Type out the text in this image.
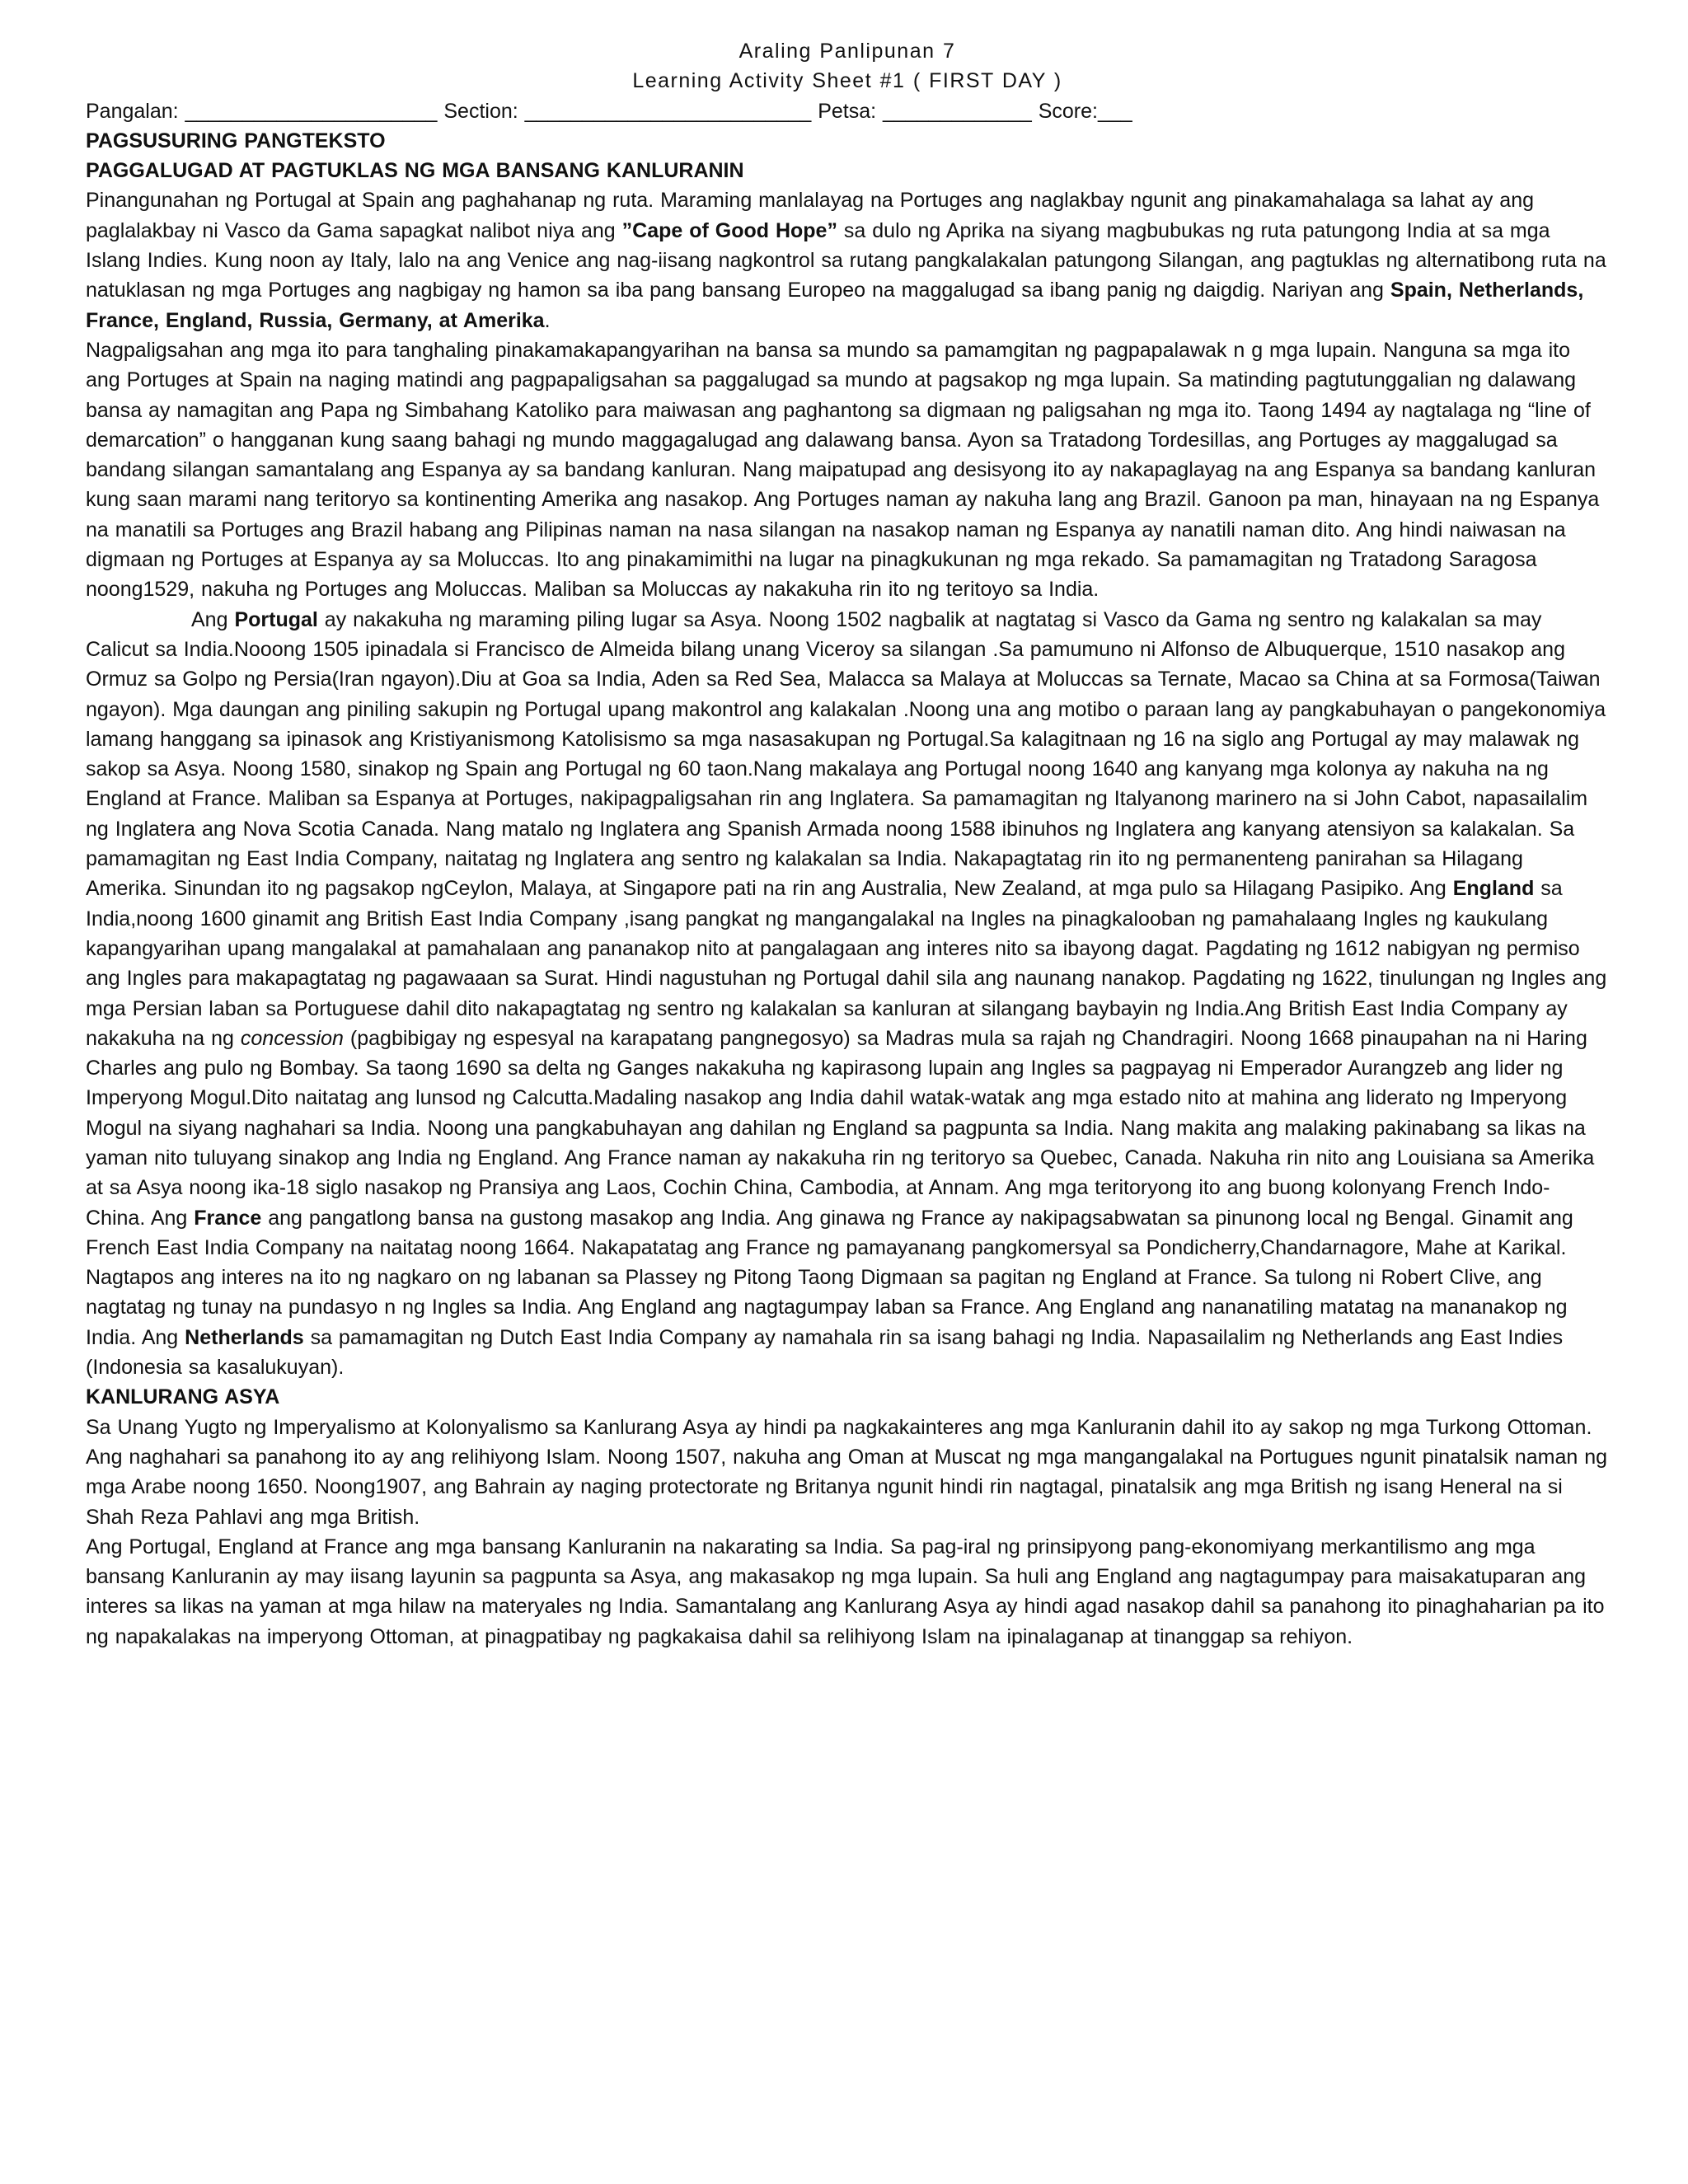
Araling Panlipunan 7
Learning Activity Sheet #1 ( FIRST DAY )
Pangalan: ______________________ Section: _________________________ Petsa: _____________ Score:___
PAGSUSURING PANGTEKSTO
PAGGALUGAD AT PAGTUKLAS NG MGA BANSANG KANLURANIN

Pinangunahan ng Portugal at Spain ang paghahanap ng ruta. Maraming manlalayag na Portuges ang naglakbay ngunit ang pinakamahalaga sa lahat ay ang paglalakbay ni Vasco da Gama sapagkat nalibot niya ang ”Cape of Good Hope” sa dulo ng Aprika na siyang magbubukas ng ruta patungong India at sa mga Islang Indies. Kung noon ay Italy, lalo na ang Venice ang nag-iisang nagkontrol sa rutang pangkalakalan patungong Silangan, ang pagtuklas ng alternatibong ruta na natuklasan ng mga Portuges ang nagbigay ng hamon sa iba pang bansang Europeo na maggalugad sa ibang panig ng daigdig. Nariyan ang Spain, Netherlands, France, England, Russia, Germany, at Amerika.

Nagpaligsahan ang mga ito para tanghaling pinakamakapangyarihan na bansa sa mundo sa pamamgitan ng pagpapalawak n g mga lupain. Nanguna sa mga ito ang Portuges at Spain na naging matindi ang pagpapaligsahan sa paggalugad sa mundo at pagsakop ng mga lupain. Sa matinding pagtutunggalian ng dalawang bansa ay namagitan ang Papa ng Simbahang Katoliko para maiwasan ang paghantong sa digmaan ng paligsahan ng mga ito. Taong 1494 ay nagtalaga ng “line of demarcation” o hangganan kung saang bahagi ng mundo maggagalugad ang dalawang bansa. Ayon sa Tratadong Tordesillas, ang Portuges ay maggalugad sa bandang silangan samantalang ang Espanya ay sa bandang kanluran. Nang maipatupad ang desisyong ito ay nakapaglayag na ang Espanya sa bandang kanluran kung saan marami nang teritoryo sa kontinenting Amerika ang nasakop. Ang Portuges naman ay nakuha lang ang Brazil. Ganoon pa man, hinayaan na ng Espanya na manatili sa Portuges ang Brazil habang ang Pilipinas naman na nasa silangan na nasakop naman ng Espanya ay nanatili naman dito. Ang hindi naiwasan na digmaan ng Portuges at Espanya ay sa Moluccas. Ito ang pinakamimithi na lugar na pinagkukunan ng mga rekado. Sa pamamagitan ng Tratadong Saragosa noong1529, nakuha ng Portuges ang Moluccas. Maliban sa Moluccas ay nakakuha rin ito ng teritoyo sa India.

Ang Portugal ay nakakuha ng maraming piling lugar sa Asya. Noong 1502 nagbalik at nagtatag si Vasco da Gama ng sentro ng kalakalan sa may Calicut sa India.Nooong 1505 ipinadala si Francisco de Almeida bilang unang Viceroy sa silangan .Sa pamumuno ni Alfonso de Albuquerque, 1510 nasakop ang Ormuz sa Golpo ng Persia(Iran ngayon).Diu at Goa sa India, Aden sa Red Sea, Malacca sa Malaya at Moluccas sa Ternate, Macao sa China at sa Formosa(Taiwan ngayon). Mga daungan ang piniling sakupin ng Portugal upang makontrol ang kalakalan .Noong una ang motibo o paraan lang ay pangkabuhayan o pangekonomiya lamang hanggang sa ipinasok ang Kristiyanismong Katolisismo sa mga nasasakupan ng Portugal.Sa kalagitnaan ng 16 na siglo ang Portugal ay may malawak ng sakop sa Asya. Noong 1580, sinakop ng Spain ang Portugal ng 60 taon.Nang makalaya ang Portugal noong 1640 ang kanyang mga kolonya ay nakuha na ng England at France. Maliban sa Espanya at Portuges, nakipagpaligsahan rin ang Inglatera. Sa pamamagitan ng Italyanong marinero na si John Cabot, napasailalim ng Inglatera ang Nova Scotia Canada. Nang matalo ng Inglatera ang Spanish Armada noong 1588 ibinuhos ng Inglatera ang kanyang atensiyon sa kalakalan. Sa pamamagitan ng East India Company, naitatag ng Inglatera ang sentro ng kalakalan sa India. Nakapagtatag rin ito ng permanenteng panirahan sa Hilagang Amerika. Sinundan ito ng pagsakop ngCeylon, Malaya, at Singapore pati na rin ang Australia, New Zealand, at mga pulo sa Hilagang Pasipiko. Ang England sa India,noong 1600 ginamit ang British East India Company ,isang pangkat ng mangangalakal na Ingles na pinagkalooban ng pamahalaang Ingles ng kaukulang kapangyarihan upang mangalakal at pamahalaan ang pananakop nito at pangalagaan ang interes nito sa ibayong dagat. Pagdating ng 1612 nabigyan ng permiso ang Ingles para makapagtatag ng pagawaaan sa Surat. Hindi nagustuhan ng Portugal dahil sila ang naunang nanakop. Pagdating ng 1622, tinulungan ng Ingles ang mga Persian laban sa Portuguese dahil dito nakapagtatag ng sentro ng kalakalan sa kanluran at silangang baybayin ng India.Ang British East India Company ay nakakuha na ng concession (pagbibigay ng espesyal na karapatang pangnegosyo) sa Madras mula sa rajah ng Chandragiri. Noong 1668 pinaupahan na ni Haring Charles ang pulo ng Bombay. Sa taong 1690 sa delta ng Ganges nakakuha ng kapirasong lupain ang Ingles sa pagpayag ni Emperador Aurangzeb ang lider ng Imperyong Mogul.Dito naitatag ang lunsod ng Calcutta.Madaling nasakop ang India dahil watak-watak ang mga estado nito at mahina ang liderato ng Imperyong Mogul na siyang naghahari sa India. Noong una pangkabuhayan ang dahilan ng England sa pagpunta sa India. Nang makita ang malaking pakinabang sa likas na yaman nito tuluyang sinakop ang India ng England. Ang France naman ay nakakuha rin ng teritoryo sa Quebec, Canada. Nakuha rin nito ang Louisiana sa Amerika at sa Asya noong ika-18 siglo nasakop ng Pransiya ang Laos, Cochin China, Cambodia, at Annam. Ang mga teritoryong ito ang buong kolonyang French Indo-China. Ang France ang pangatlong bansa na gustong masakop ang India. Ang ginawa ng France ay nakipagsabwatan sa pinunong local ng Bengal. Ginamit ang French East India Company na naitatag noong 1664. Nakapatatag ang France ng pamayanang pangkomersyal sa Pondicherry,Chandarnagore, Mahe at Karikal. Nagtapos ang interes na ito ng nagkaro on ng labanan sa Plassey ng Pitong Taong Digmaan sa pagitan ng England at France. Sa tulong ni Robert Clive, ang nagtatag ng tunay na pundasyo n ng Ingles sa India. Ang England ang nagtagumpay laban sa France. Ang England ang nananatiling matatag na mananakop ng India. Ang Netherlands sa pamamagitan ng Dutch East India Company ay namahala rin sa isang bahagi ng India. Napasailalim ng Netherlands ang East Indies (Indonesia sa kasalukuyan).

KANLURANG ASYA

Sa Unang Yugto ng Imperyalismo at Kolonyalismo sa Kanlurang Asya ay hindi pa nagkakainteres ang mga Kanluranin dahil ito ay sakop ng mga Turkong Ottoman. Ang naghahari sa panahong ito ay ang relihiyong Islam. Noong 1507, nakuha ang Oman at Muscat ng mga mangangalakal na Portugues ngunit pinatalsik naman ng mga Arabe noong 1650. Noong1907, ang Bahrain ay naging protectorate ng Britanya ngunit hindi rin nagtagal, pinatalsik ang mga British ng isang Heneral na si Shah Reza Pahlavi ang mga British.

Ang Portugal, England at France ang mga bansang Kanluranin na nakarating sa India. Sa pag-iral ng prinsipyong pang-ekonomiyang merkantilismo ang mga bansang Kanluranin ay may iisang layunin sa pagpunta sa Asya, ang makasakop ng mga lupain. Sa huli ang England ang nagtagumpay para maisakatuparan ang interes sa likas na yaman at mga hilaw na materyales ng India. Samantalang ang Kanlurang Asya ay hindi agad nasakop dahil sa panahong ito pinaghaharian pa ito ng napakalakas na imperyong Ottoman, at pinagpatibay ng pagkakaisa dahil sa relihiyong Islam na ipinalaganap at tinanggap sa rehiyon.
